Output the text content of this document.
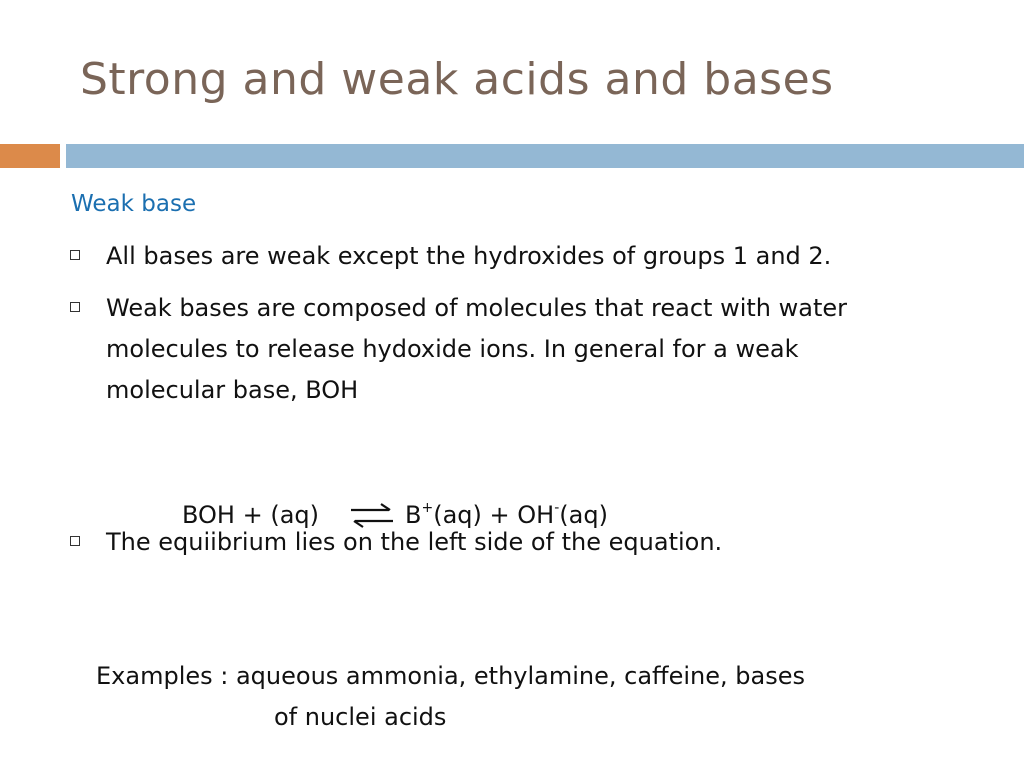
Strong and weak acids and bases
Weak base
All bases are weak except the hydroxides of groups 1 and 2.
Weak bases are composed of molecules that react with water
molecules to release hydoxide ions. In general for a weak
molecular base, BOH
BOH + (aq) ⇌ B+(aq) + OH-(aq)
The equiibrium lies on the left side of the equation.
Examples : aqueous ammonia, ethylamine, caffeine, bases
of nuclei acids
